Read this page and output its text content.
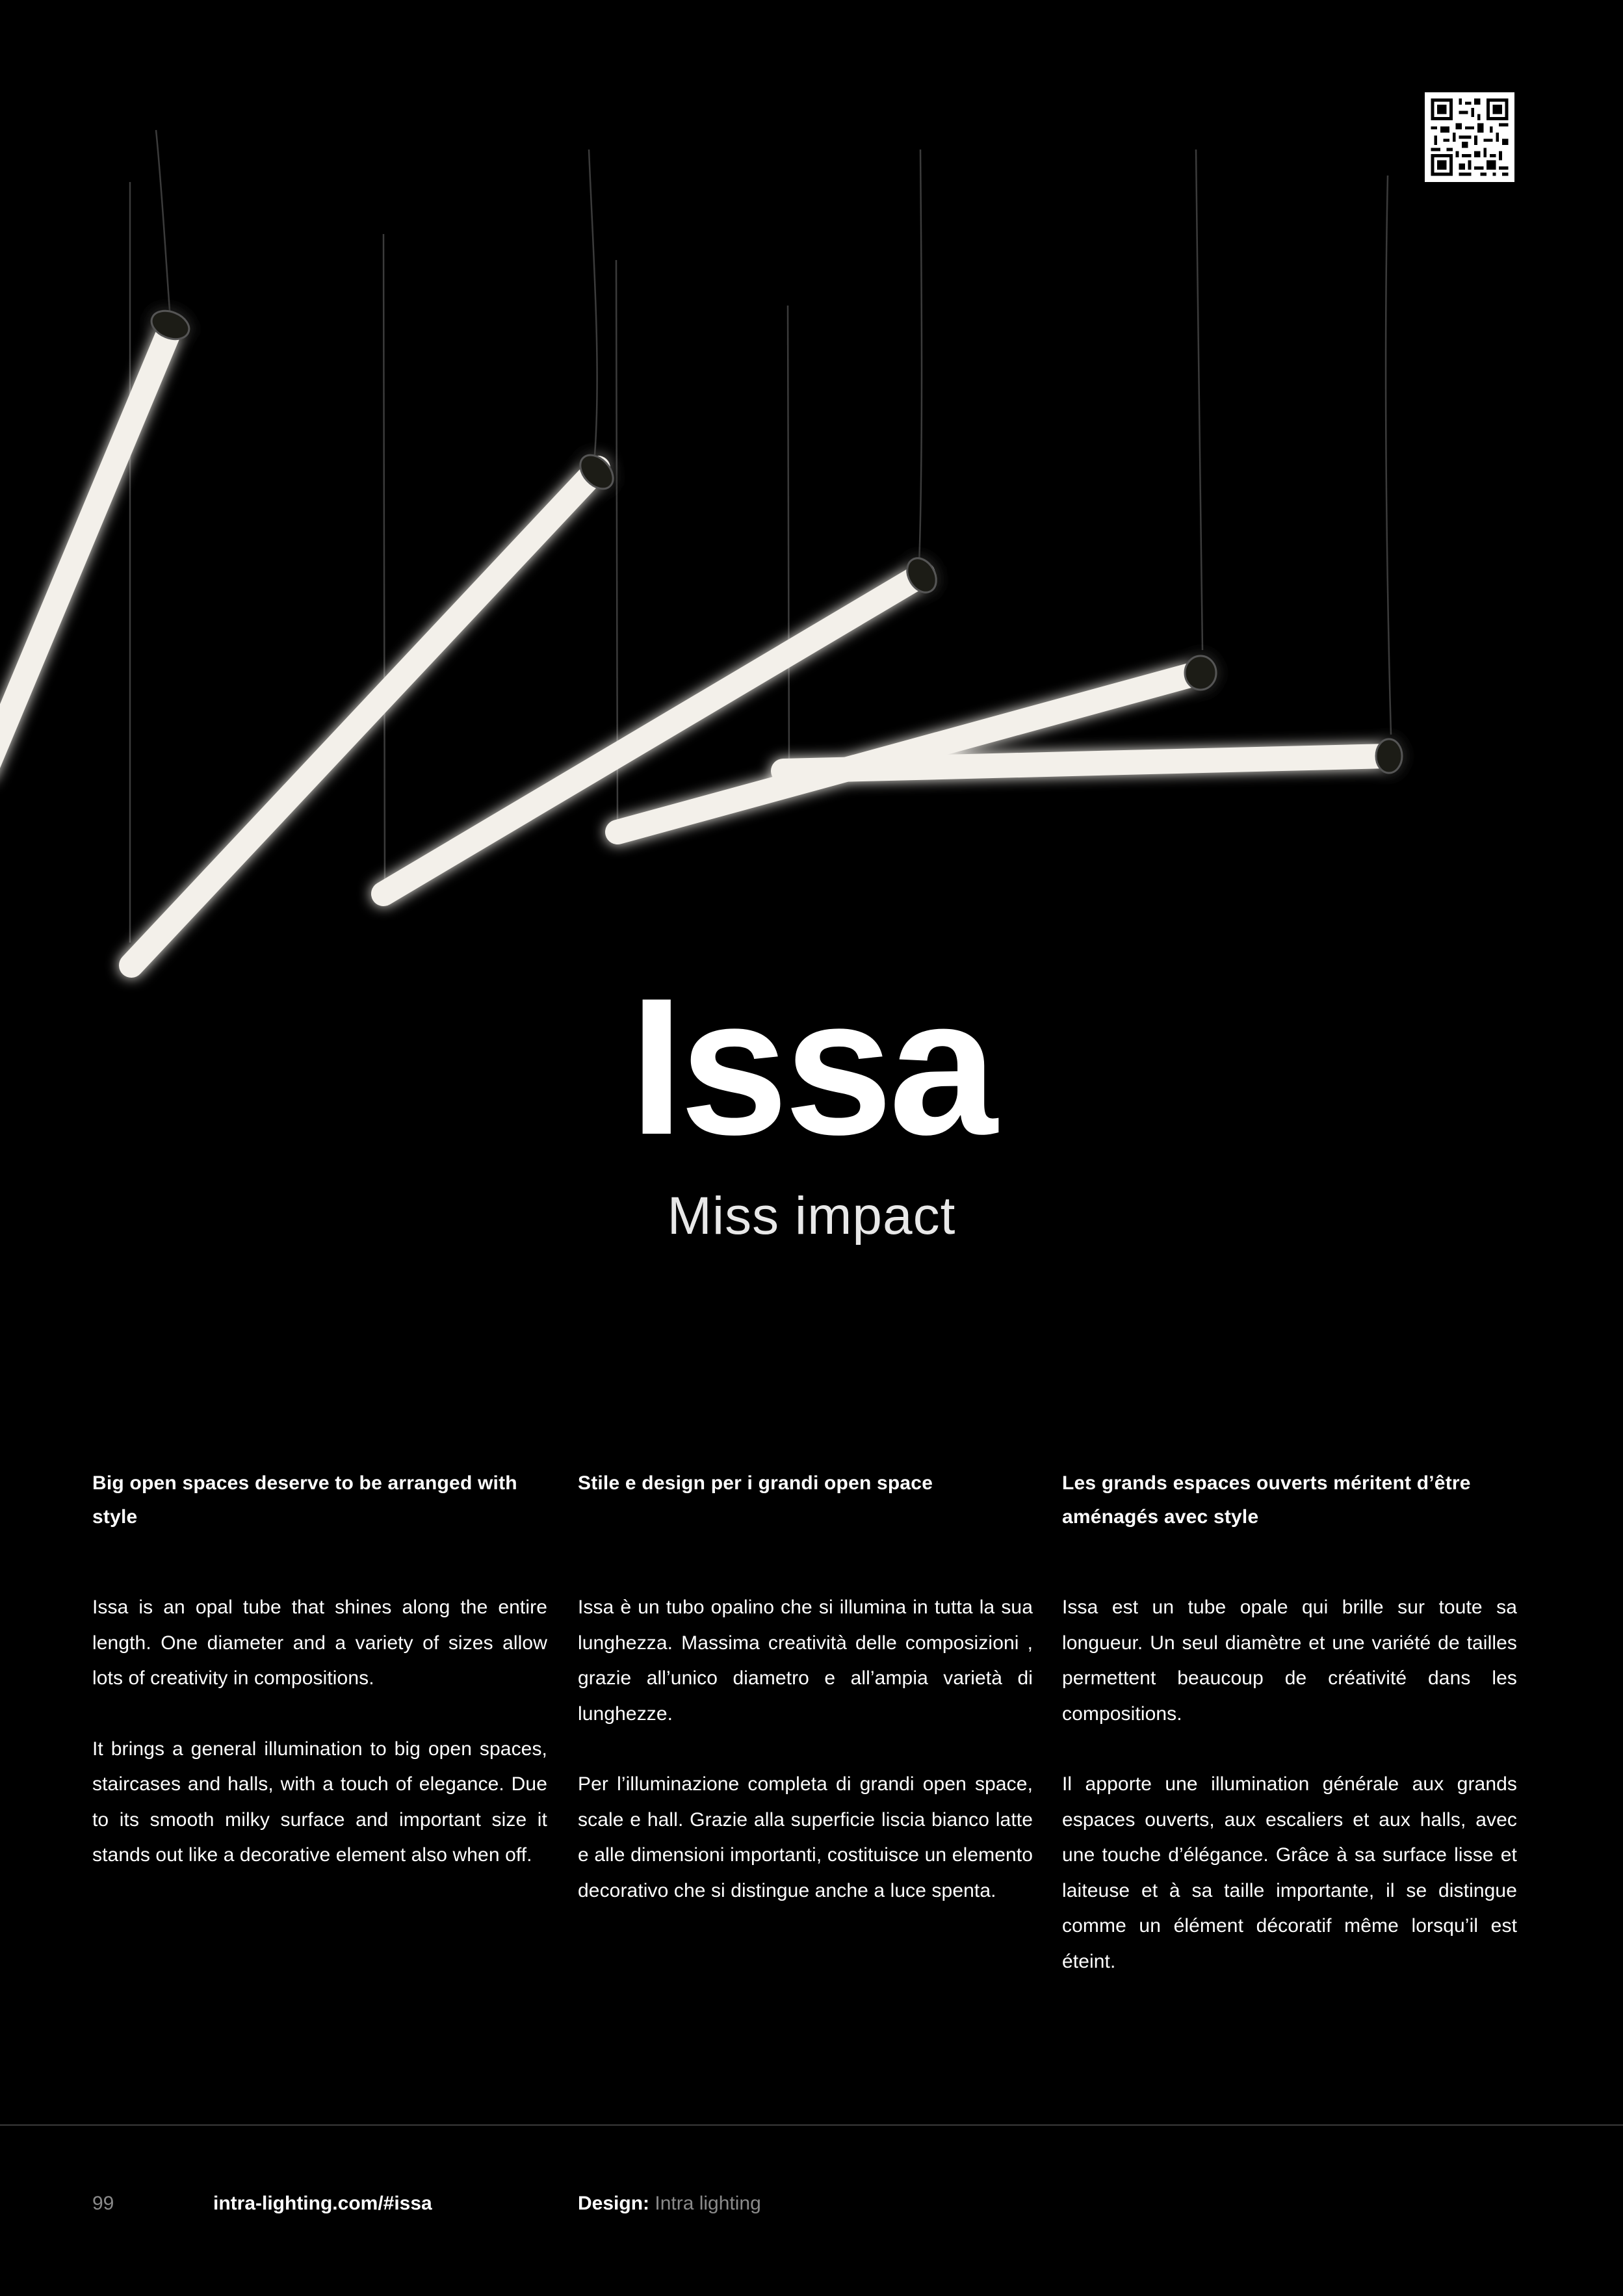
Issa
Miss impact
Big open spaces deserve to be arranged with style

Issa is an opal tube that shines along the entire length. One diameter and a variety of sizes allow lots of creativity in compositions.

It brings a general illumination to big open spaces, staircases and halls, with a touch of elegance. Due to its smooth milky surface and important size it stands out like a decorative element also when off.

Stile e design per i grandi open space

Issa è un tubo opalino che si illumina in tutta la sua lunghezza. Massima creatività delle composizioni , grazie all’unico diametro e all’ampia varietà di lunghezze.

Per l’illuminazione completa di grandi open space, scale e hall. Grazie alla superficie liscia bianco latte e alle dimensioni importanti, costituisce un elemento decorativo che si distingue anche a luce spenta.

Les grands espaces ouverts méritent d’être aménagés avec style

Issa est un tube opale qui brille sur toute sa longueur. Un seul diamètre et une variété de tailles permettent beaucoup de créativité dans les compositions.

Il apporte une illumination générale aux grands espaces ouverts, aux escaliers et aux halls, avec une touche d’élégance. Grâce à sa surface lisse et laiteuse et à sa taille importante, il se distingue comme un élément décoratif même lorsqu’il est éteint.

99	intra-lighting.com/#issa	Design: Intra lighting
